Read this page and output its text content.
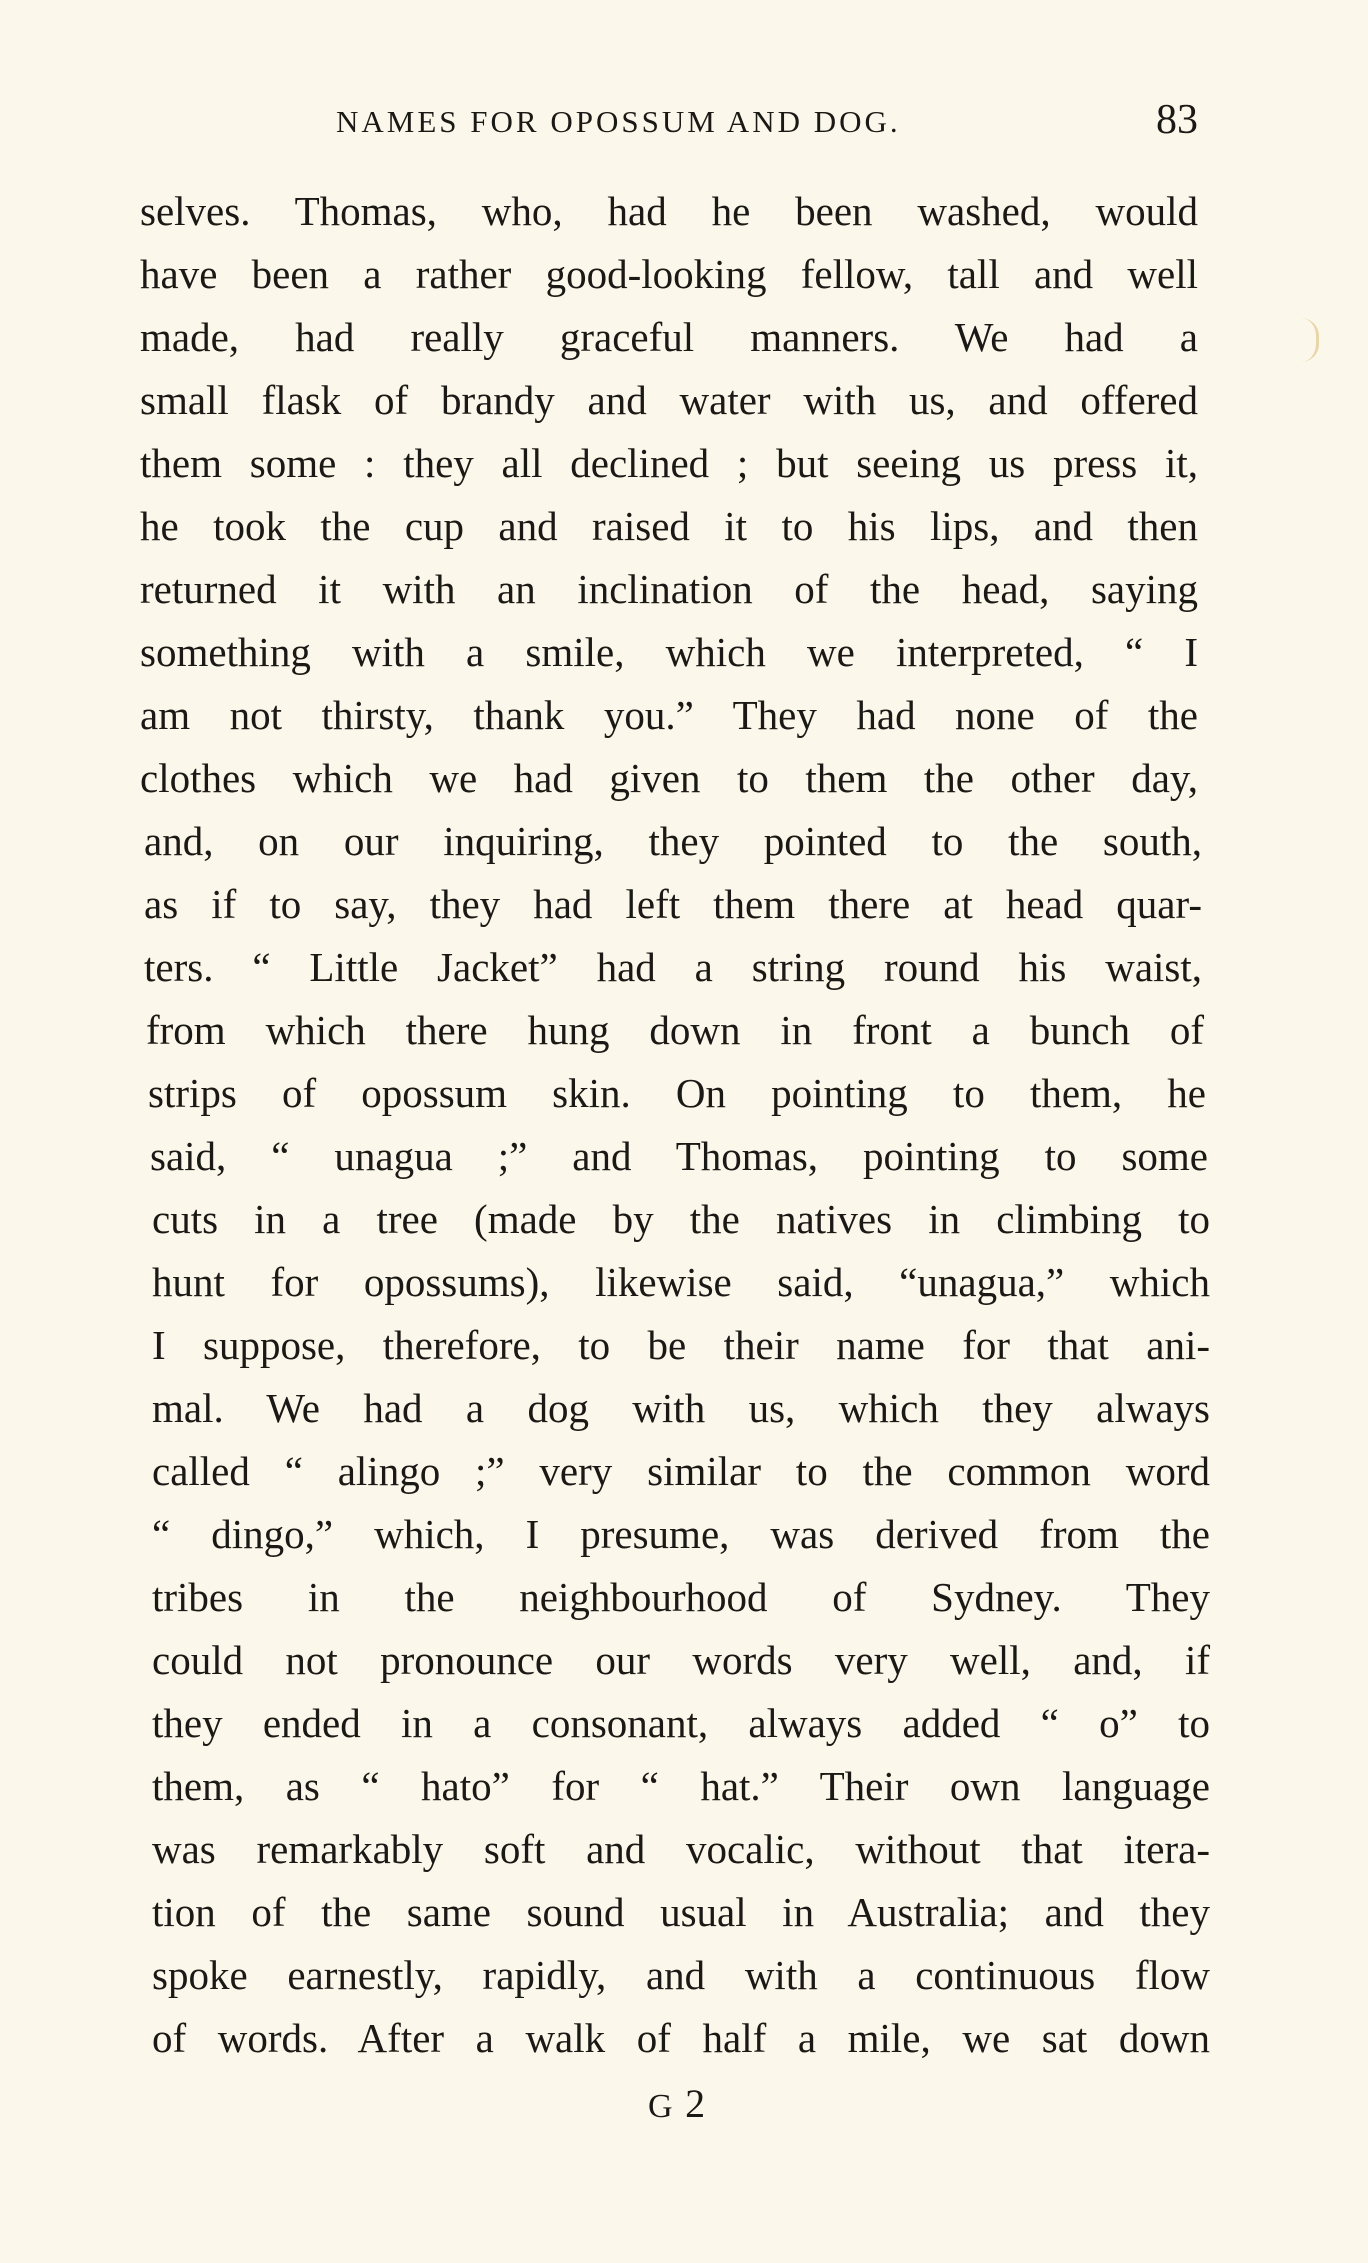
NAMES FOR OPOSSUM AND DOG.	83
selves. Thomas, who, had he been washed, would
have been a rather good-looking fellow, tall and well
made, had really graceful manners. We had a
small flask of brandy and water with us, and offered
them some : they all declined ; but seeing us press it,
he took the cup and raised it to his lips, and then
returned it with an inclination of the head, saying
something with a smile, which we interpreted, “ I
am not thirsty, thank you.” They had none of the
clothes which we had given to them the other day,
and, on our inquiring, they pointed to the south,
as if to say, they had left them there at head quar-
ters. “ Little Jacket” had a string round his waist,
from which there hung down in front a bunch of
strips of opossum skin. On pointing to them, he
said, “ unagua ;” and Thomas, pointing to some
cuts in a tree (made by the natives in climbing to
hunt for opossums), likewise said, “unagua,” which
I suppose, therefore, to be their name for that ani-
mal. We had a dog with us, which they always
called “ alingo ;” very similar to the common word
“ dingo,” which, I presume, was derived from the
tribes in the neighbourhood of Sydney. They
could not pronounce our words very well, and, if
they ended in a consonant, always added “ o” to
them, as “ hato” for “ hat.” Their own language
was remarkably soft and vocalic, without that itera-
tion of the same sound usual in Australia; and they
spoke earnestly, rapidly, and with a continuous flow
of words. After a walk of half a mile, we sat down
G 2
